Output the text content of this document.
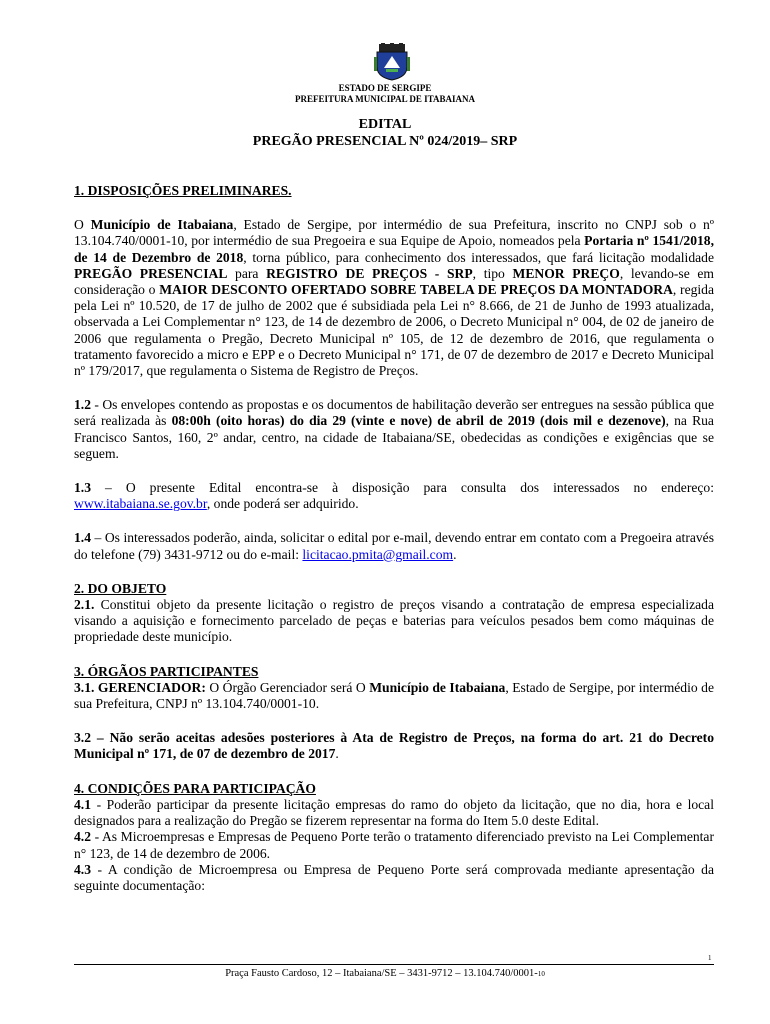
ESTADO DE SERGIPE
PREFEITURA MUNICIPAL DE ITABAIANA
EDITAL
PREGÃO PRESENCIAL Nº 024/2019– SRP

1. DISPOSIÇÕES PRELIMINARES.

O Município de Itabaiana, Estado de Sergipe, por intermédio de sua Prefeitura, inscrito no CNPJ sob o nº 13.104.740/0001-10, por intermédio de sua Pregoeira e sua Equipe de Apoio, nomeados pela Portaria nº 1541/2018, de 14 de Dezembro de 2018, torna público, para conhecimento dos interessados, que fará licitação modalidade PREGÃO PRESENCIAL para REGISTRO DE PREÇOS - SRP, tipo MENOR PREÇO, levando-se em consideração o MAIOR DESCONTO OFERTADO SOBRE TABELA DE PREÇOS DA MONTADORA, regida pela Lei nº 10.520, de 17 de julho de 2002 que é subsidiada pela Lei n° 8.666, de 21 de Junho de 1993 atualizada, observada a Lei Complementar n° 123, de 14 de dezembro de 2006, o Decreto Municipal n° 004, de 02 de janeiro de 2006 que regulamenta o Pregão, Decreto Municipal nº 105, de 12 de dezembro de 2016, que regulamenta o tratamento favorecido a micro e EPP e o Decreto Municipal n° 171, de 07 de dezembro de 2017 e Decreto Municipal nº 179/2017, que regulamenta o Sistema de Registro de Preços.

1.2 - Os envelopes contendo as propostas e os documentos de habilitação deverão ser entregues na sessão pública que será realizada às 08:00h (oito horas) do dia 29 (vinte e nove) de abril de 2019 (dois mil e dezenove), na Rua Francisco Santos, 160, 2º andar, centro, na cidade de Itabaiana/SE, obedecidas as condições e exigências que se seguem.

1.3 – O presente Edital encontra-se à disposição para consulta dos interessados no endereço: www.itabaiana.se.gov.br, onde poderá ser adquirido.

1.4 – Os interessados poderão, ainda, solicitar o edital por e-mail, devendo entrar em contato com a Pregoeira através do telefone (79) 3431-9712 ou do e-mail: licitacao.pmita@gmail.com.

2. DO OBJETO

2.1. Constitui objeto da presente licitação o registro de preços visando a contratação de empresa especializada visando a aquisição e fornecimento parcelado de peças e baterias para veículos pesados bem como máquinas de propriedade deste município.

3. ÓRGÃOS PARTICIPANTES

3.1. GERENCIADOR: O Órgão Gerenciador será O Município de Itabaiana, Estado de Sergipe, por intermédio de sua Prefeitura, CNPJ nº 13.104.740/0001-10.

3.2 – Não serão aceitas adesões posteriores à Ata de Registro de Preços, na forma do art. 21 do Decreto Municipal nº 171, de 07 de dezembro de 2017.

4. CONDIÇÕES PARA PARTICIPAÇÃO

4.1 - Poderão participar da presente licitação empresas do ramo do objeto da licitação, que no dia, hora e local designados para a realização do Pregão se fizerem representar na forma do Item 5.0 deste Edital.

4.2 - As Microempresas e Empresas de Pequeno Porte terão o tratamento diferenciado previsto na Lei Complementar n° 123, de 14 de dezembro de 2006.

4.3 - A condição de Microempresa ou Empresa de Pequeno Porte será comprovada mediante apresentação da seguinte documentação:

1
Praça Fausto Cardoso, 12 – Itabaiana/SE – 3431-9712 – 13.104.740/0001-10
